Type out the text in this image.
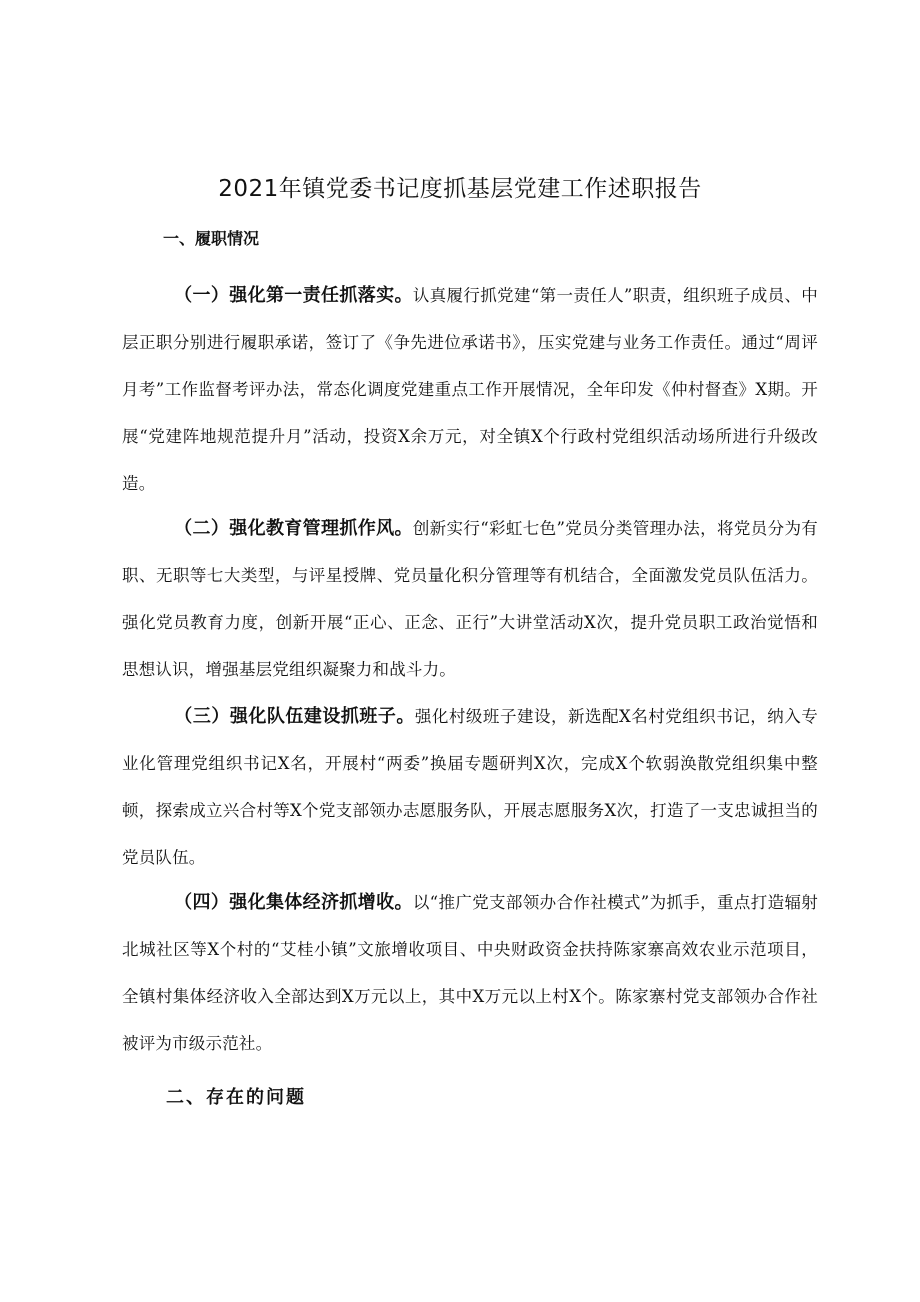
2021年镇党委书记度抓基层党建工作述职报告
一、履职情况

（一）强化第一责任抓落实。认真履行抓党建“第一责任人”职责，组织班子成员、中层正职分别进行履职承诺，签订了《争先进位承诺书》，压实党建与业务工作责任。通过“周评月考”工作监督考评办法，常态化调度党建重点工作开展情况，全年印发《仲村督查》X期。开展“党建阵地规范提升月”活动，投资X余万元，对全镇X个行政村党组织活动场所进行升级改造。

（二）强化教育管理抓作风。创新实行“彩虹七色”党员分类管理办法，将党员分为有职、无职等七大类型，与评星授牌、党员量化积分管理等有机结合，全面激发党员队伍活力。强化党员教育力度，创新开展“正心、正念、正行”大讲堂活动X次，提升党员职工政治觉悟和思想认识，增强基层党组织凝聚力和战斗力。

（三）强化队伍建设抓班子。强化村级班子建设，新选配X名村党组织书记，纳入专业化管理党组织书记X名，开展村“两委”换届专题研判X次，完成X个软弱涣散党组织集中整顿，探索成立兴合村等X个党支部领办志愿服务队，开展志愿服务X次，打造了一支忠诚担当的党员队伍。

（四）强化集体经济抓增收。以“推广党支部领办合作社模式”为抓手，重点打造辐射北城社区等X个村的“艾桂小镇”文旅增收项目、中央财政资金扶持陈家寨高效农业示范项目，全镇村集体经济收入全部达到X万元以上，其中X万元以上村X个。陈家寨村党支部领办合作社被评为市级示范社。

二、存在的问题
